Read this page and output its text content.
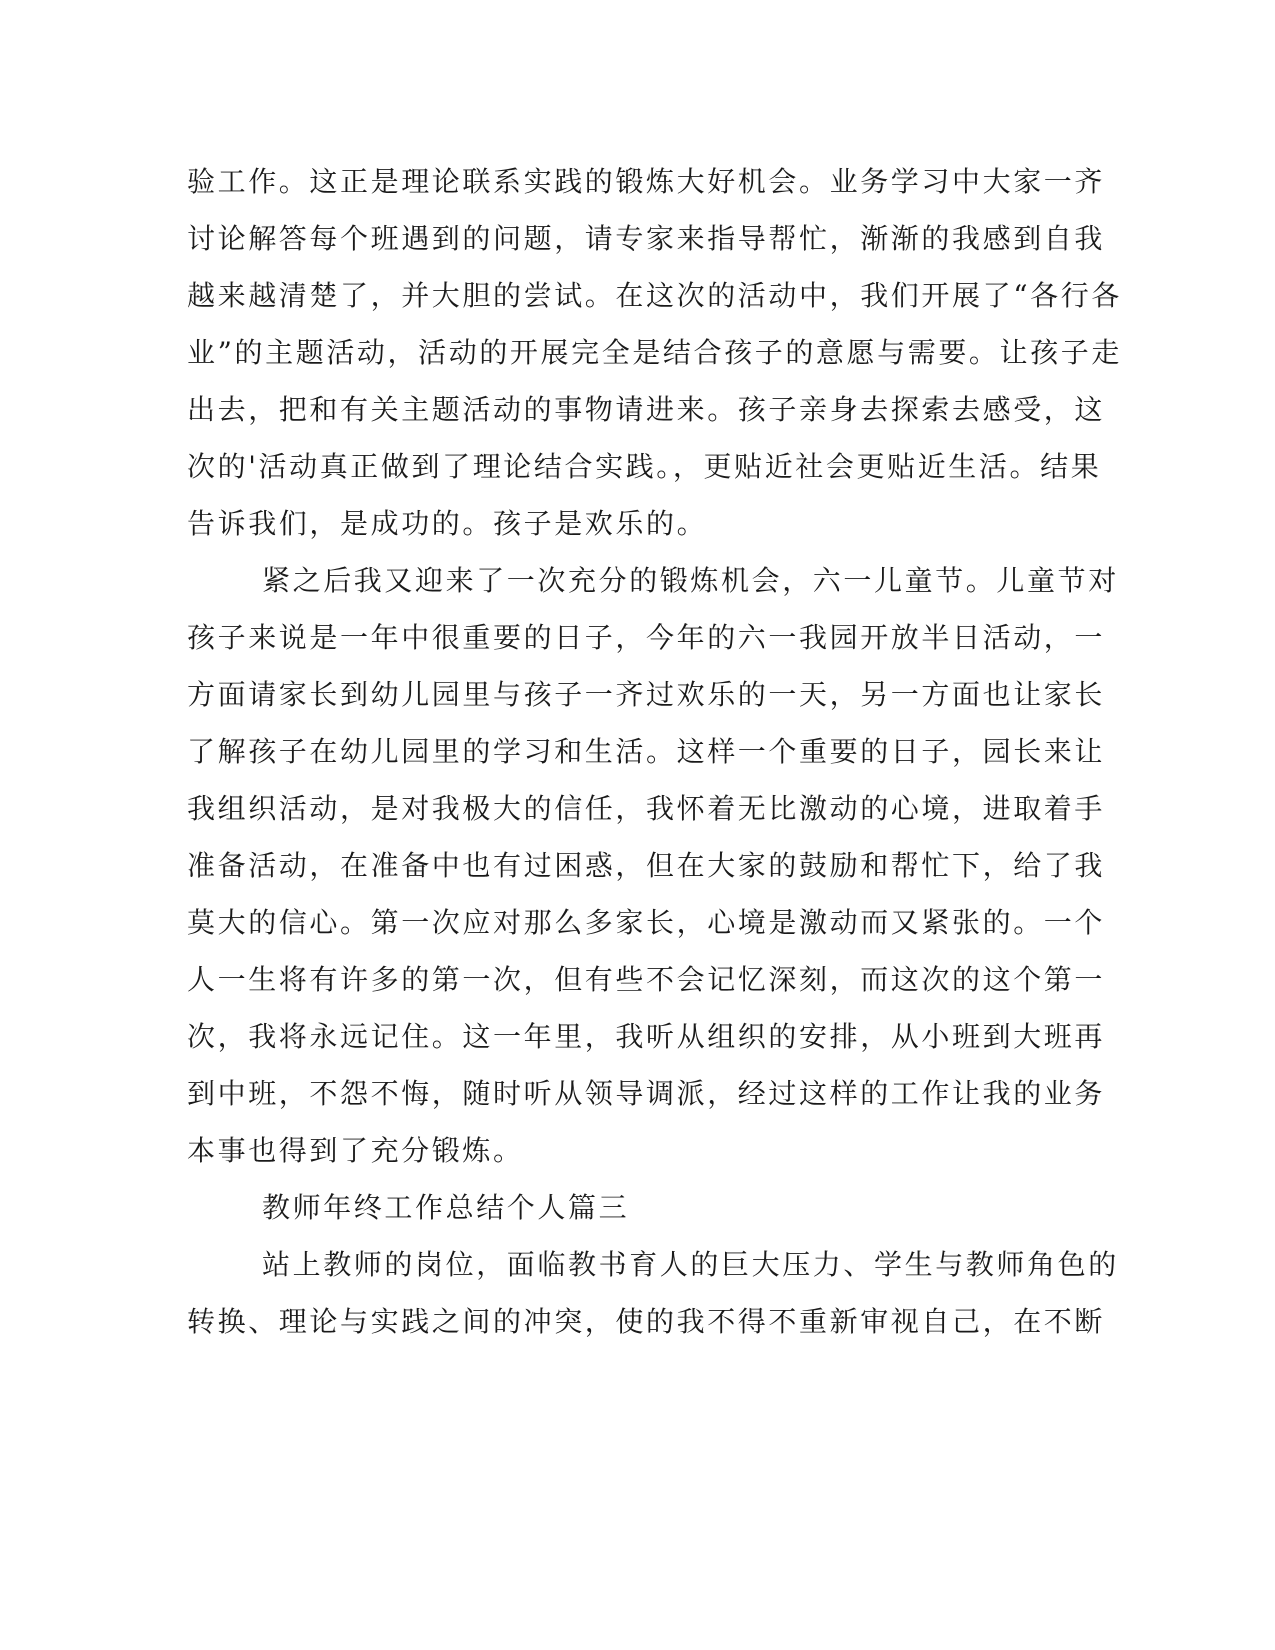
验工作。这正是理论联系实践的锻炼大好机会。业务学习中大家一齐
讨论解答每个班遇到的问题，请专家来指导帮忙，渐渐的我感到自我
越来越清楚了，并大胆的尝试。在这次的活动中，我们开展了“各行各
业”的主题活动，活动的开展完全是结合孩子的意愿与需要。让孩子走
出去，把和有关主题活动的事物请进来。孩子亲身去探索去感受，这
次的'活动真正做到了理论结合实践。，更贴近社会更贴近生活。结果
告诉我们，是成功的。孩子是欢乐的。
紧之后我又迎来了一次充分的锻炼机会，六一儿童节。儿童节对
孩子来说是一年中很重要的日子，今年的六一我园开放半日活动，一
方面请家长到幼儿园里与孩子一齐过欢乐的一天，另一方面也让家长
了解孩子在幼儿园里的学习和生活。这样一个重要的日子，园长来让
我组织活动，是对我极大的信任，我怀着无比激动的心境，进取着手
准备活动，在准备中也有过困惑，但在大家的鼓励和帮忙下，给了我
莫大的信心。第一次应对那么多家长，心境是激动而又紧张的。一个
人一生将有许多的第一次，但有些不会记忆深刻，而这次的这个第一
次，我将永远记住。这一年里，我听从组织的安排，从小班到大班再
到中班，不怨不悔，随时听从领导调派，经过这样的工作让我的业务
本事也得到了充分锻炼。
教师年终工作总结个人篇三
站上教师的岗位，面临教书育人的巨大压力、学生与教师角色的
转换、理论与实践之间的冲突，使的我不得不重新审视自己，在不断
